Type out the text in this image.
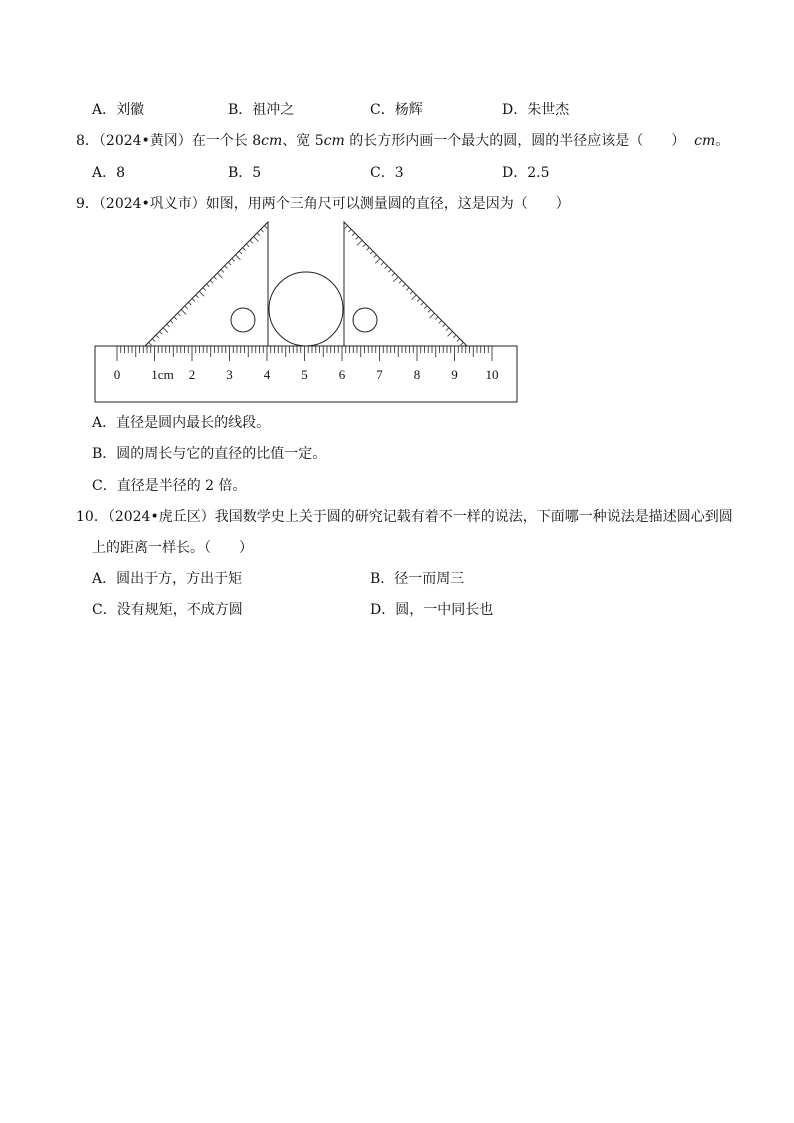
A．刘徽	B．祖冲之	C．杨辉	D．朱世杰
8．（2024•黄冈）在一个长 8cm、宽 5cm 的长方形内画一个最大的圆，圆的半径应该是（　　） cm。
A．8	B．5	C．3	D．2.5
9．（2024•巩义市）如图，用两个三角尺可以测量圆的直径，这是因为（　　）
0 1cm 2 3 4 5 6 7 8 9 10
A．直径是圆内最长的线段。
B．圆的周长与它的直径的比值一定。
C．直径是半径的 2 倍。
10．（2024•虎丘区）我国数学史上关于圆的研究记载有着不一样的说法，下面哪一种说法是描述圆心到圆
上的距离一样长。（　　）
A．圆出于方，方出于矩	B．径一而周三
C．没有规矩，不成方圆	D．圆，一中同长也
